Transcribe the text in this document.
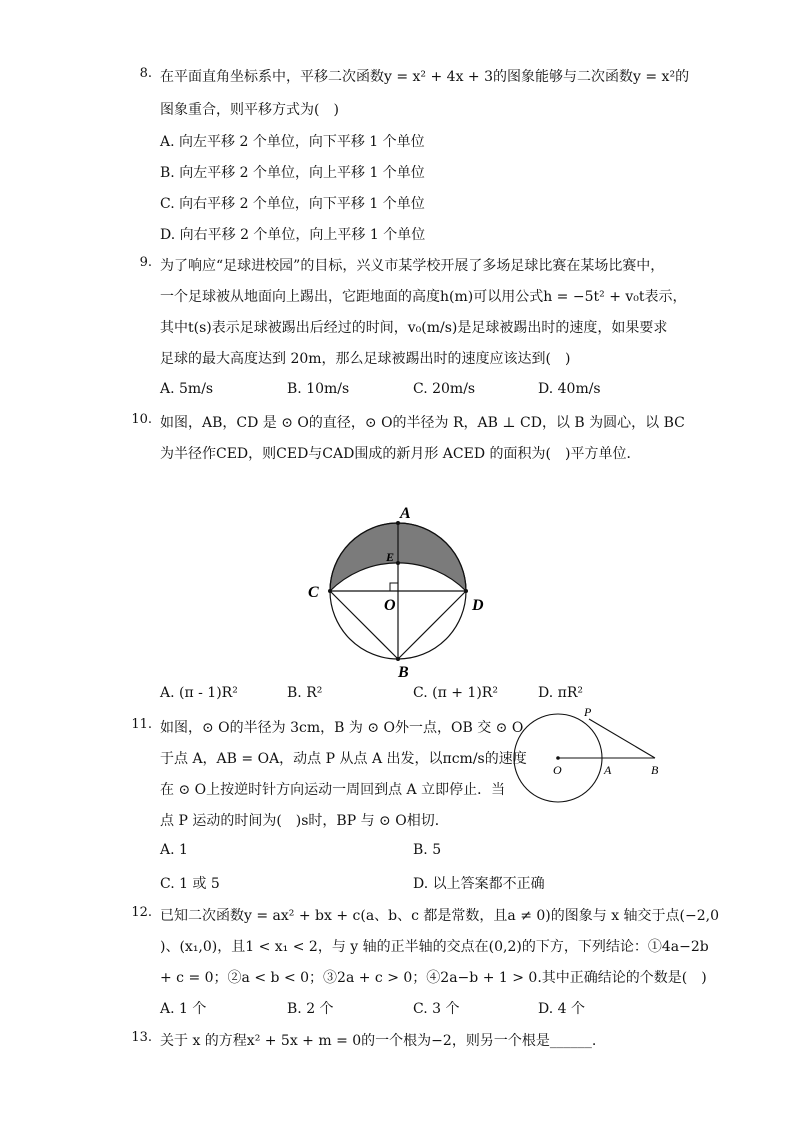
8. 在平面直角坐标系中，平移二次函数y = x² + 4x + 3的图象能够与二次函数y = x²的
图象重合，则平移方式为(　)
A. 向左平移 2 个单位，向下平移 1 个单位
B. 向左平移 2 个单位，向上平移 1 个单位
C. 向右平移 2 个单位，向下平移 1 个单位
D. 向右平移 2 个单位，向上平移 1 个单位
9. 为了响应“足球进校园”的目标，兴义市某学校开展了多场足球比赛在某场比赛中，
一个足球被从地面向上踢出，它距地面的高度h(m)可以用公式h = −5t² + v₀t表示，
其中t(s)表示足球被踢出后经过的时间，v₀(m/s)是足球被踢出时的速度，如果要求
足球的最大高度达到 20m，那么足球被踢出时的速度应该达到(　)
A. 5m/s	B. 10m/s	C. 20m/s	D. 40m/s
10. 如图，AB，CD 是 ⊙ O的直径，⊙ O的半径为 R，AB ⊥ CD，以 B 为圆心，以 BC
为半径作CED，则CED与CAD围成的新月形 ACED 的面积为(　)平方单位．
A
E
C
O	D
B
A. (π - 1)R²	B. R²	C. (π + 1)R²	D. πR²
11. 如图，⊙ O的半径为 3cm，B 为 ⊙ O外一点，OB 交 ⊙ O
于点 A，AB = OA，动点 P 从点 A 出发，以πcm/s的速度
在 ⊙ O上按逆时针方向运动一周回到点 A 立即停止．当
点 P 运动的时间为(　)s时，BP 与 ⊙ O相切．
P
O	A	B
A. 1	B. 5
C. 1 或 5	D. 以上答案都不正确
12. 已知二次函数y = ax² + bx + c(a、b、c 都是常数，且a ≠ 0)的图象与 x 轴交于点(−2,0
)、(x₁,0)，且1 < x₁ < 2，与 y 轴的正半轴的交点在(0,2)的下方，下列结论：①4a−2b
+ c = 0；②a < b < 0；③2a + c > 0；④2a−b + 1 > 0.其中正确结论的个数是(　)
A. 1 个	B. 2 个	C. 3 个	D. 4 个
13. 关于 x 的方程x² + 5x + m = 0的一个根为−2，则另一个根是______.
